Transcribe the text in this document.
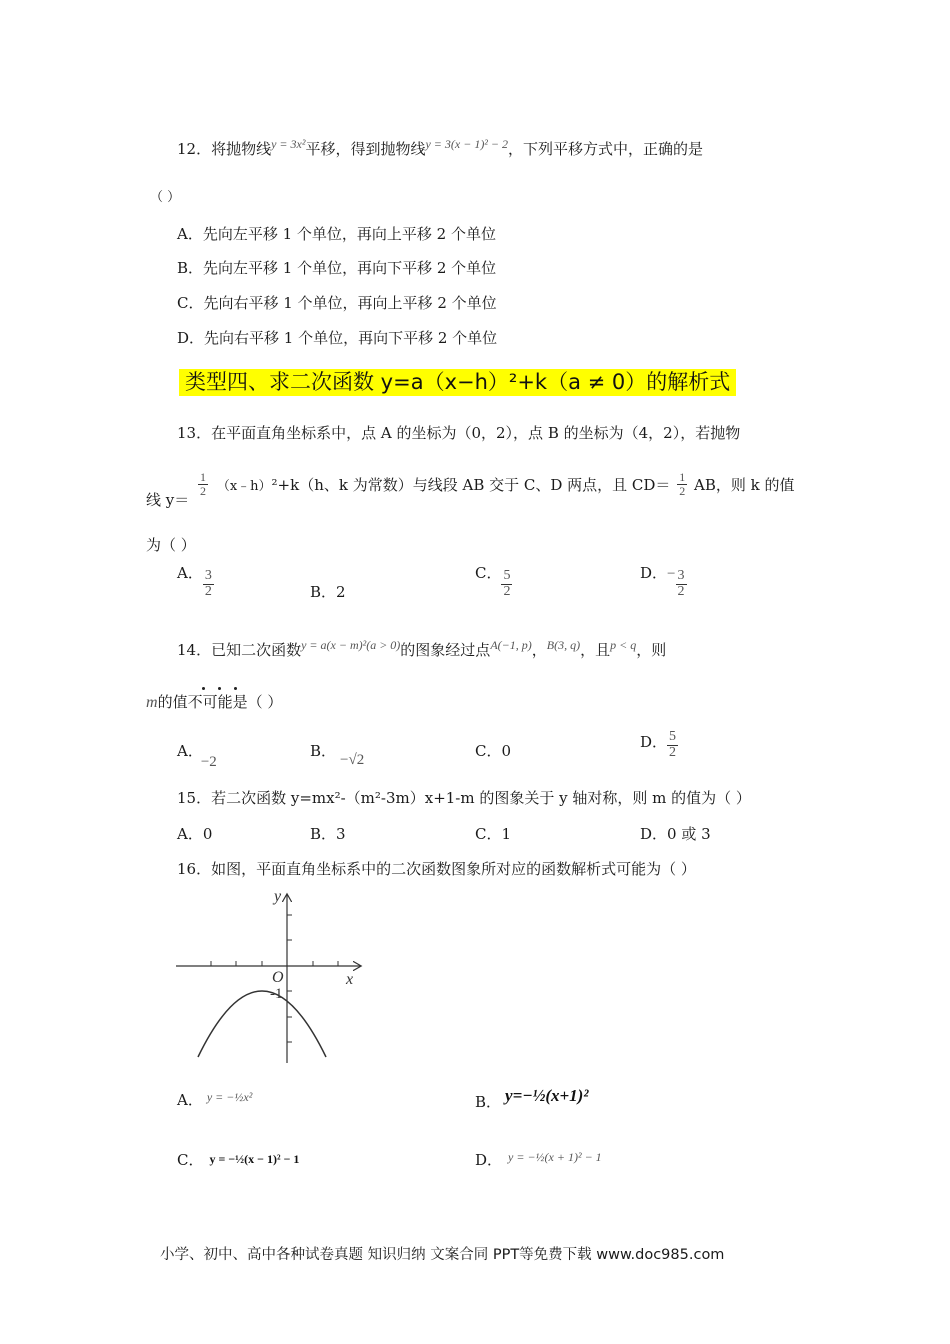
12．将抛物线$^{y = 3x^2}$平移，得到抛物线$^{y = 3(x - 1)^2 - 2}$，下列平移方式中，正确的是
（ ）
A．先向左平移 1 个单位，再向上平移 2 个单位
B．先向左平移 1 个单位，再向下平移 2 个单位
C．先向右平移 1 个单位，再向上平移 2 个单位
D．先向右平移 1 个单位，再向下平移 2 个单位
类型四、求二次函数 y=a（x−h）²+k（a ≠ 0）的解析式
13．在平面直角坐标系中，点 A 的坐标为（0，2），点 B 的坐标为（4，2），若抛物
线 y＝
$\frac{1}{2}$ （x﹣h）²+k（h、k 为常数）与线段 AB 交于 C、D 两点，且 $CD= \frac{1}{2}$ AB，则 k 的值
为（ ）
A． $\frac{3}{2}$	B．2
C． $\frac{5}{2}$	D．− $\frac{3}{2}$
14．已知二次函数$^{y = a(x - m)^2(a > 0)}$的图象经过点$^{A(-1, p)}$，$^{B(3, q)}$，且$^{p < q}$，则
m的值不可能是（ ）
A．−2
B． −√2	C．0	D． $\frac{5}{2}$
15．若二次函数 y=mx²-（m²-3m）x+1-m 的图象关于 y 轴对称，则 m 的值为（ ）
A．0	B．3	C．1	D．0 或 3
16．如图，平面直角坐标系中的二次函数图象所对应的函数解析式可能为（ ）
y
x
O
-1
A． $^{y = -\frac{1}{2}x^2}$	B． y=−½(x+1)²
C． y = −½(x − 1)² − 1	D． $^{y = -\frac{1}{2}(x + 1)^2 - 1}$
小学、初中、高中各种试卷真题 知识归纳 文案合同 PPT等免费下载 www.doc985.com
